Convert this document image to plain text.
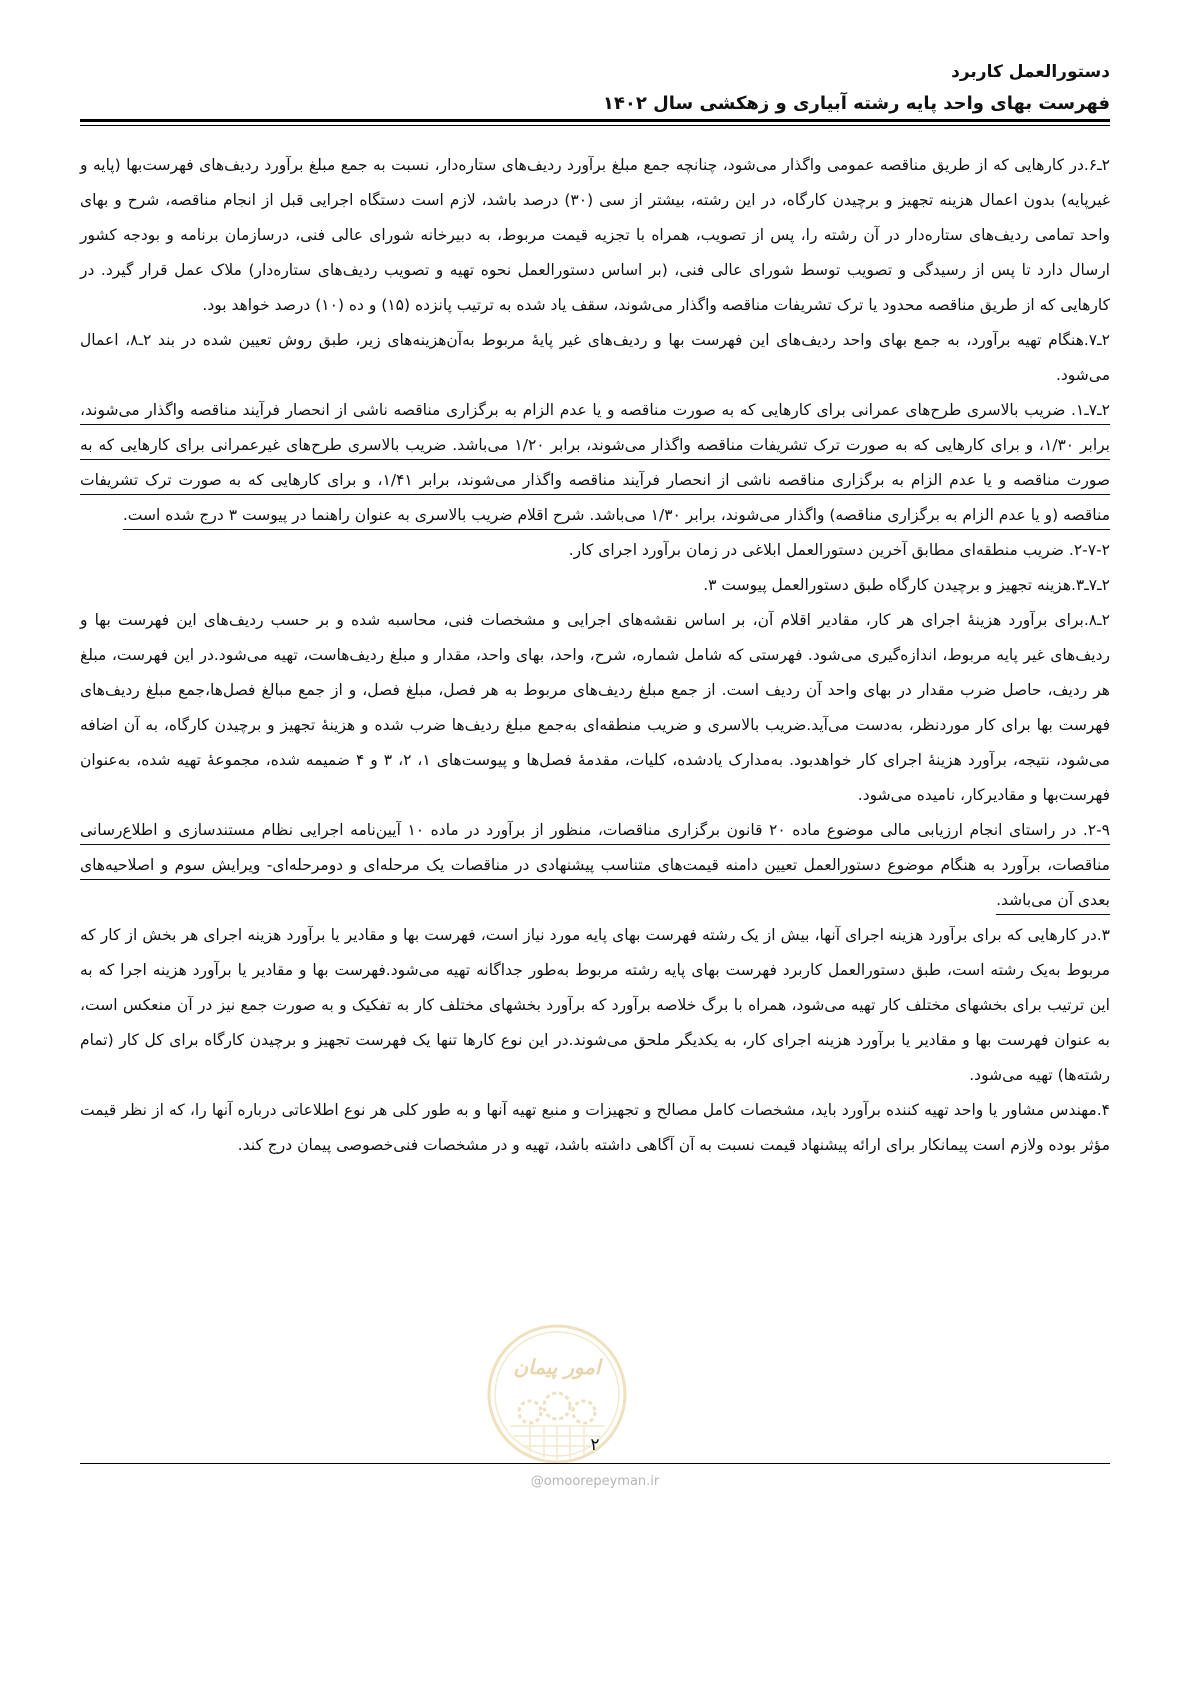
دستورالعمل کاربرد
فهرست بهای واحد پایه رشته آبیاری و زهکشی سال ۱۴۰۲

۲ـ۶.در کارهایی که از طریق مناقصه عمومی واگذار می‌شود، چنانچه جمع مبلغ برآورد ردیف‌های ستاره‌دار، نسبت به جمع مبلغ برآورد ردیف‌های فهرست‌بها (پایه و غیرپایه) بدون اعمال هزینه تجهیز و برچیدن کارگاه، در این رشته، بیشتر از سی (۳۰) درصد باشد، لازم است دستگاه اجرایی قبل از انجام مناقصه، شرح و بهای واحد تمامی ردیف‌های ستاره‌دار در آن رشته را، پس از تصویب، همراه با تجزیه قیمت مربوط، به دبیرخانه شورای عالی فنی، درسازمان برنامه و بودجه کشور ارسال دارد تا پس از رسیدگی و تصویب توسط شورای عالی فنی، (بر اساس دستورالعمل نحوه تهیه و تصویب ردیف‌های ستاره‌دار) ملاک عمل قرار گیرد. در کارهایی که از طریق مناقصه محدود یا ترک تشریفات مناقصه واگذار می‌شوند، سقف یاد شده به ترتیب پانزده (۱۵) و ده (۱۰) درصد خواهد بود.

۲ـ۷.هنگام تهیه برآورد، به جمع بهای واحد ردیف‌های این فهرست بها و ردیف‌های غیر پایهٔ مربوط به‌آن‌هزینه‌های زیر، طبق روش تعیین شده در بند ۲ـ۸، اعمال می‌شود.

۲ـ۷ـ۱. ضریب بالاسری طرح‌های عمرانی برای کارهایی که به صورت مناقصه و یا عدم الزام به برگزاری مناقصه ناشی از انحصار فرآیند مناقصه واگذار می‌شوند، برابر ۱/۳۰، و برای کارهایی که به صورت ترک تشریفات مناقصه واگذار می‌شوند، برابر ۱/۲۰ می‌باشد. ضریب بالاسری طرح‌های غیرعمرانی برای کارهایی که به صورت مناقصه و یا عدم الزام به برگزاری مناقصه ناشی از انحصار فرآیند مناقصه واگذار می‌شوند، برابر ۱/۴۱، و برای کارهایی که به صورت ترک تشریفات مناقصه (و یا عدم الزام به برگزاری مناقصه) واگذار می‌شوند، برابر ۱/۳۰ می‌باشد. شرح اقلام ضریب بالاسری به عنوان راهنما در پیوست ۳ درج شده است.

۲-۷-۲. ضریب منطقه‌ای مطابق آخرین دستورالعمل ابلاغی در زمان برآورد اجرای کار.

۲ـ۷ـ۳.هزینه تجهیز و برچیدن کارگاه طبق دستورالعمل پیوست ۳.

۲ـ۸.برای برآورد هزینهٔ اجرای هر کار، مقادیر اقلام آن، بر اساس نقشه‌های اجرایی و مشخصات فنی، محاسبه شده و بر حسب ردیف‌های این فهرست بها و ردیف‌های غیر پایه مربوط، اندازه‌گیری می‌شود. فهرستی که شامل شماره، شرح، واحد، بهای واحد، مقدار و مبلغ ردیف‌هاست، تهیه می‌شود.در این فهرست، مبلغ هر ردیف، حاصل ضرب مقدار در بهای واحد آن ردیف است. از جمع مبلغ ردیف‌های مربوط به هر فصل، مبلغ فصل، و از جمع مبالغ فصل‌ها،جمع مبلغ ردیف‌های فهرست بها برای کار موردنظر، به‌دست می‌آید.ضریب بالاسری و ضریب منطقه‌ای به‌جمع مبلغ ردیف‌ها ضرب شده و هزینهٔ تجهیز و برچیدن کارگاه، به آن اضافه می‌شود، نتیجه، برآورد هزینهٔ اجرای کار خواهدبود. به‌مدارک یادشده، کلیات، مقدمهٔ فصل‌ها و پیوست‌های ۱، ۲، ۳ و ۴ ضمیمه شده، مجموعهٔ تهیه شده، به‌عنوان فهرست‌بها و مقادیرکار، نامیده می‌شود.

۲-۹. در راستای انجام ارزیابی مالی موضوع ماده ۲۰ قانون برگزاری مناقصات، منظور از برآورد در ماده ۱۰ آیین‌نامه اجرایی نظام مستندسازی و اطلاع‌رسانی مناقصات، برآورد به هنگام موضوع دستورالعمل تعیین دامنه قیمت‌های متناسب پیشنهادی در مناقصات یک مرحله‌ای و دومرحله‌ای- ویرایش سوم و اصلاحیه‌های بعدی آن می‌باشد.

۳.در کارهایی که برای برآورد هزینه اجرای آنها، بیش از یک رشته فهرست بهای پایه مورد نیاز است، فهرست بها و مقادیر یا برآورد هزینه اجرای هر بخش از کار که مربوط به‌یک رشته است، طبق دستورالعمل کاربرد فهرست بهای پایه رشته مربوط به‌طور جداگانه تهیه می‌شود.فهرست بها و مقادیر یا برآورد هزینه اجرا که به این ترتیب برای بخشهای مختلف کار تهیه می‌شود، همراه با برگ خلاصه برآورد که برآورد بخشهای مختلف کار به تفکیک و به صورت جمع نیز در آن منعکس است، به عنوان فهرست بها و مقادیر یا برآورد هزینه اجرای کار، به یکدیگر ملحق می‌شوند.در این نوع کارها تنها یک فهرست تجهیز و برچیدن کارگاه برای کل کار (تمام رشته‌ها) تهیه می‌شود.

۴.مهندس مشاور یا واحد تهیه کننده برآورد باید، مشخصات کامل مصالح و تجهیزات و منبع تهیه آنها و به طور کلی هر نوع اطلاعاتی درباره آنها را، که از نظر قیمت مؤثر بوده ولازم است پیمانکار برای ارائه پیشنهاد قیمت نسبت به آن آگاهی داشته باشد، تهیه و در مشخصات فنی‌خصوصی پیمان درج کند.

امور پیمان
۲
@omoorepeyman.ir
